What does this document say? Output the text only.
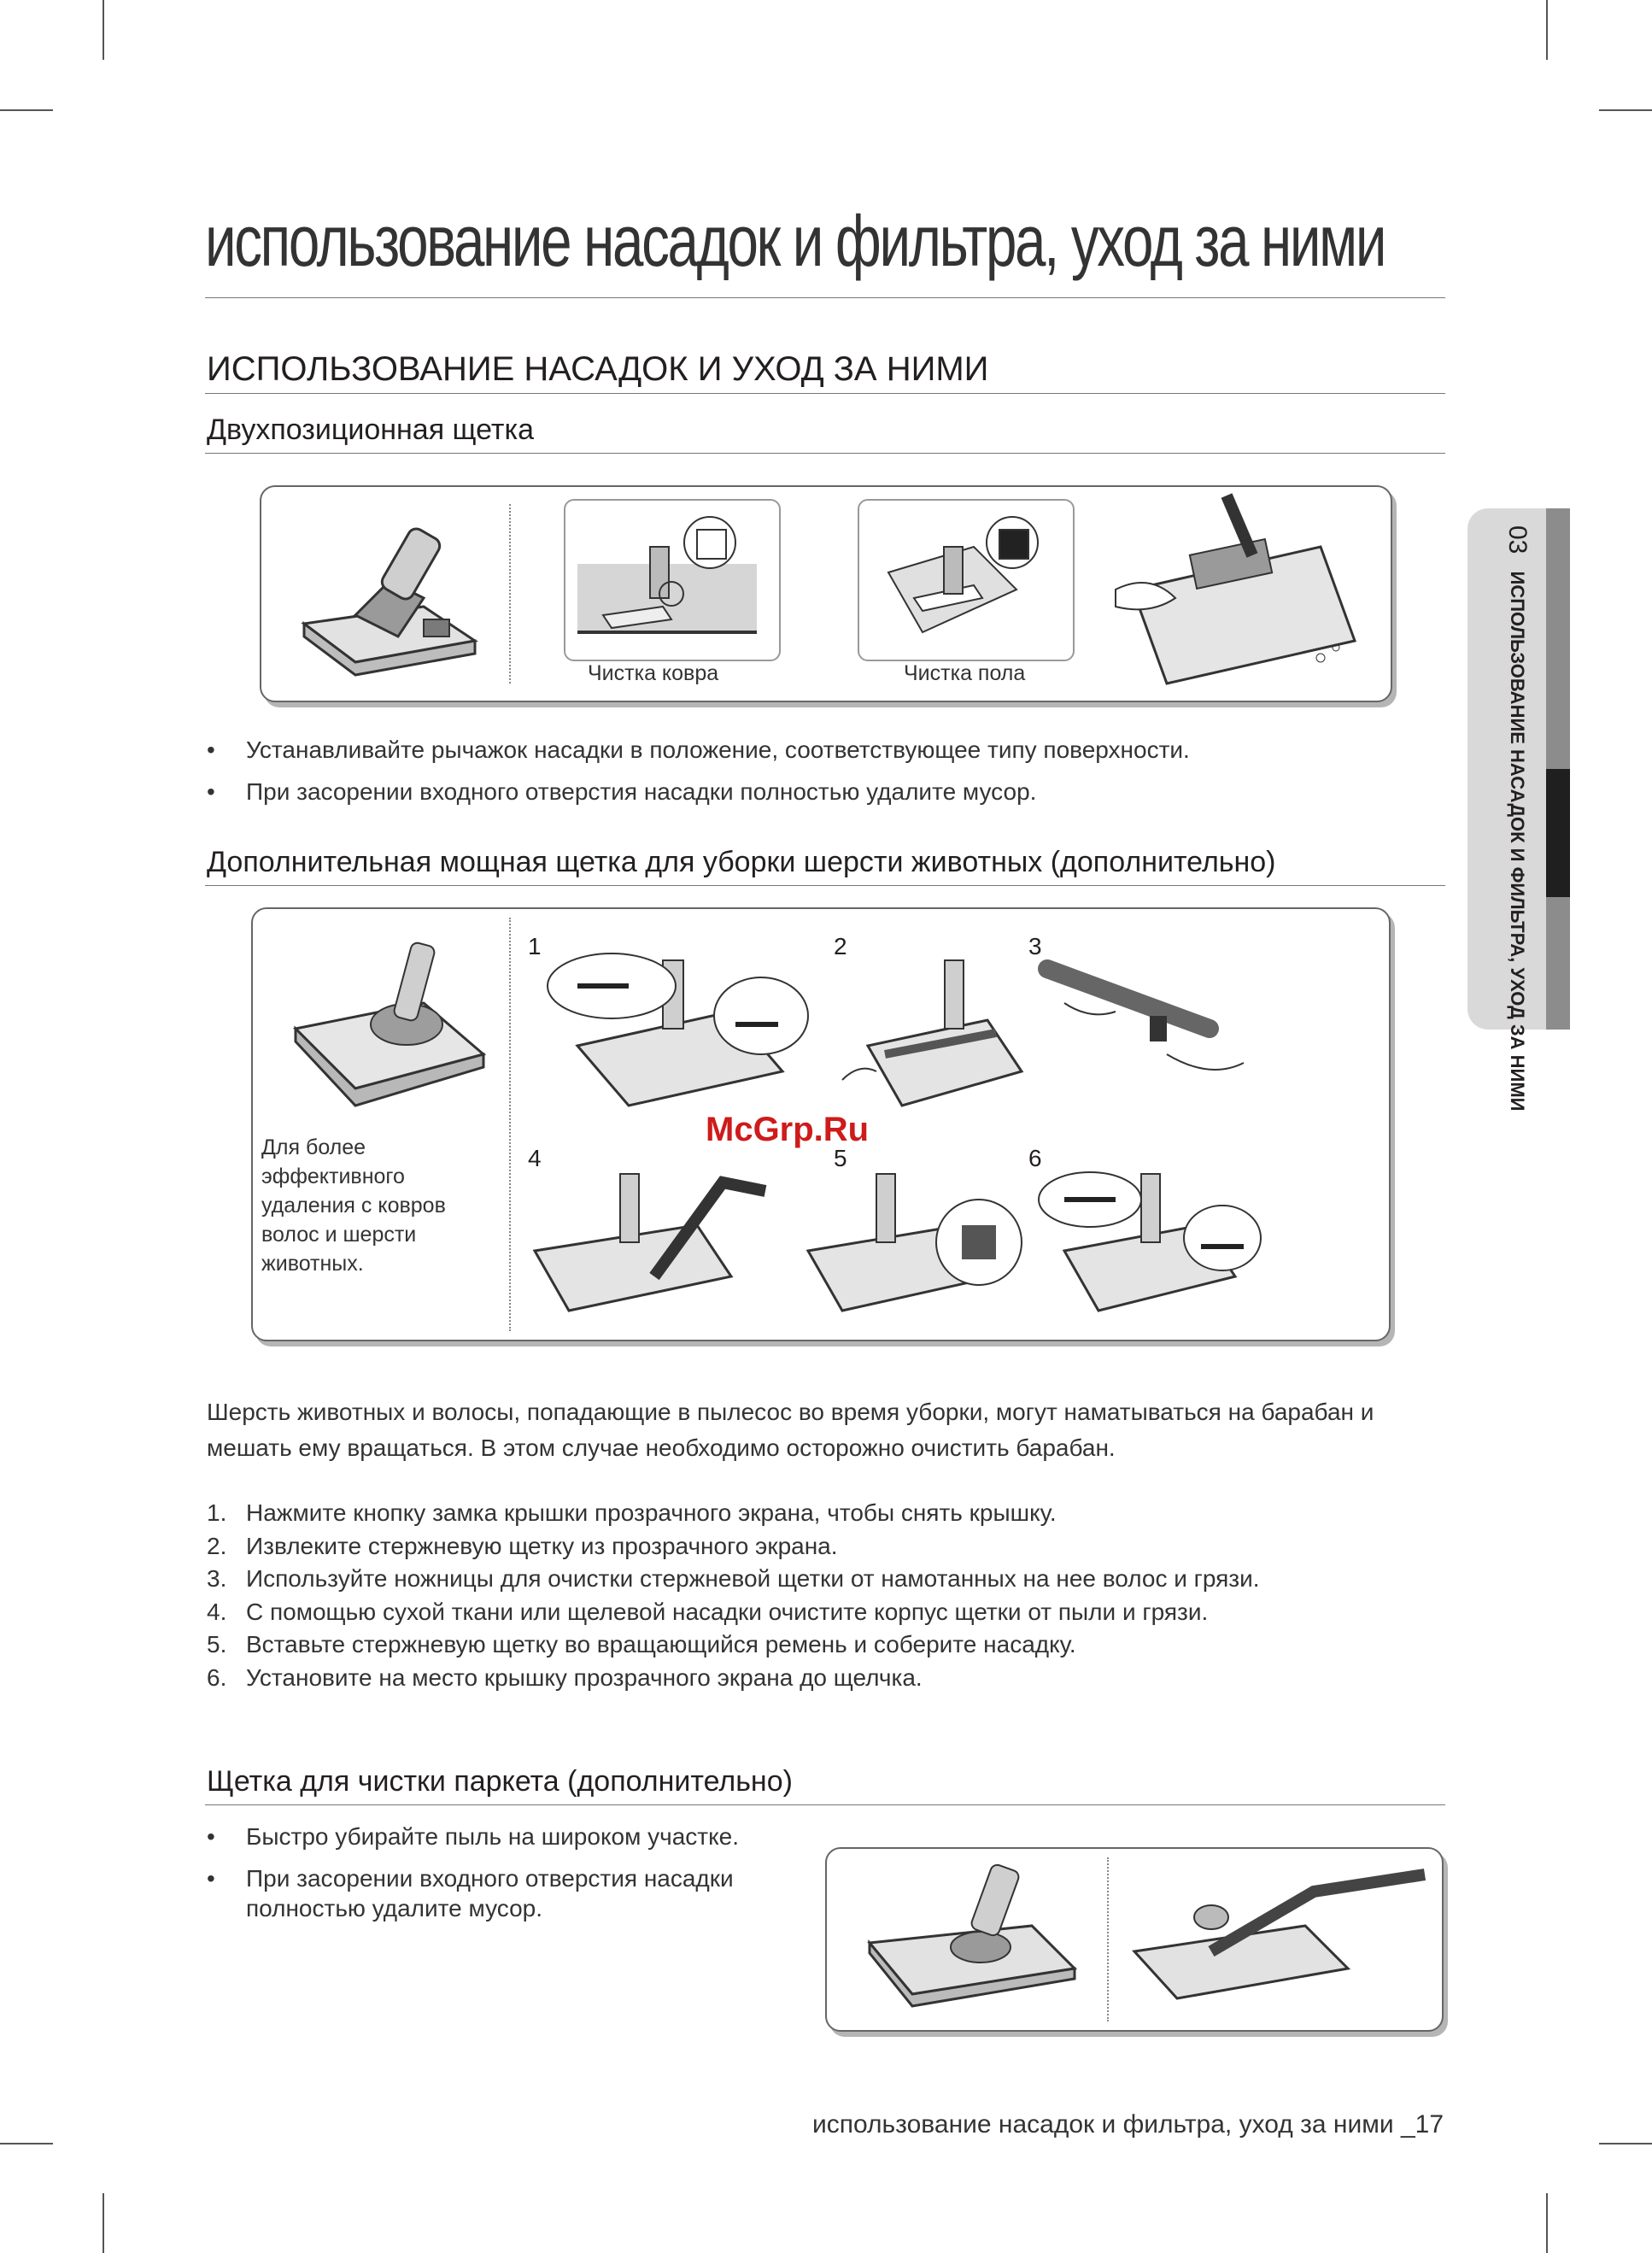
использование насадок и фильтра, уход за ними
ИСПОЛЬЗОВАНИЕ НАСАДОК И УХОД ЗА НИМИ
03 ИСПОЛЬЗОВАНИЕ НАСАДОК И ФИЛЬТРА, УХОД ЗА НИМИ
Двухпозиционная щетка
Чистка ковра	Чистка пола
• Устанавливайте рычажок насадки в положение, соответствующее типу поверхности.
• При засорении входного отверстия насадки полностью удалите мусор.
Дополнительная мощная щетка для уборки шерсти животных (дополнительно)
Для более
эффективного
удаления с ковров
волос и шерсти
животных.
1	2	3
4	5	6
McGrp.Ru
Шерсть животных и волосы, попадающие в пылесос во время уборки, могут наматываться на барабан и мешать ему вращаться. В этом случае необходимо осторожно очистить барабан.
1. Нажмите кнопку замка крышки прозрачного экрана, чтобы снять крышку.
2. Извлеките стержневую щетку из прозрачного экрана.
3. Используйте ножницы для очистки стержневой щетки от намотанных на нее волос и грязи.
4. С помощью сухой ткани или щелевой насадки очистите корпус щетки от пыли и грязи.
5. Вставьте стержневую щетку во вращающийся ремень и соберите насадку.
6. Установите на место крышку прозрачного экрана до щелчка.
Щетка для чистки паркета (дополнительно)
• Быстро убирайте пыль на широком участке.
• При засорении входного отверстия насадки полностью удалите мусор.
использование насадок и фильтра, уход за ними _17
